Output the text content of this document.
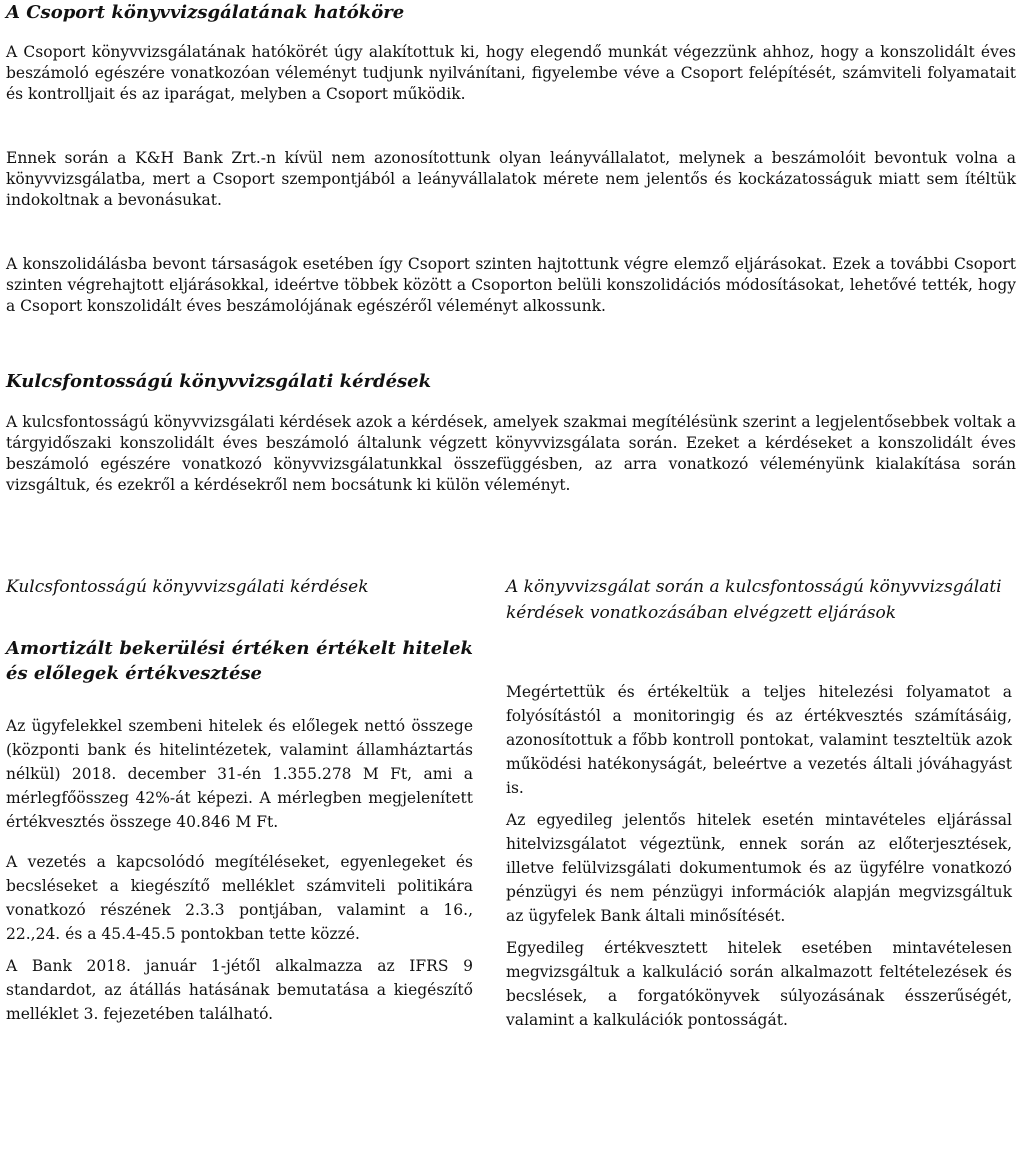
A Csoport könyvvizsgálatának hatóköre

A Csoport könyvvizsgálatának hatókörét úgy alakítottuk ki, hogy elegendő munkát végezzünk ahhoz, hogy a konszolidált éves beszámoló egészére vonatkozóan véleményt tudjunk nyilvánítani, figyelembe véve a Csoport felépítését, számviteli folyamatait és kontrolljait és az iparágat, melyben a Csoport működik.

Ennek során a K&H Bank Zrt.-n kívül nem azonosítottunk olyan leányvállalatot, melynek a beszámolóit bevontuk volna a könyvvizsgálatba, mert a Csoport szempontjából a leányvállalatok mérete nem jelentős és kockázatosságuk miatt sem ítéltük indokoltnak a bevonásukat.

A konszolidálásba bevont társaságok esetében így Csoport szinten hajtottunk végre elemző eljárásokat. Ezek a további Csoport szinten végrehajtott eljárásokkal, ideértve többek között a Csoporton belüli konszolidációs módosításokat, lehetővé tették, hogy a Csoport konszolidált éves beszámolójának egészéről véleményt alkossunk.

Kulcsfontosságú könyvvizsgálati kérdések

A kulcsfontosságú könyvvizsgálati kérdések azok a kérdések, amelyek szakmai megítélésünk szerint a legjelentősebbek voltak a tárgyidőszaki konszolidált éves beszámoló általunk végzett könyvvizsgálata során. Ezeket a kérdéseket a konszolidált éves beszámoló egészére vonatkozó könyvvizsgálatunkkal összefüggésben, az arra vonatkozó véleményünk kialakítása során vizsgáltuk, és ezekről a kérdésekről nem bocsátunk ki külön véleményt.

Kulcsfontosságú könyvvizsgálati kérdések

Amortizált bekerülési értéken értékelt hitelek és előlegek értékvesztése

Az ügyfelekkel szembeni hitelek és előlegek nettó összege (központi bank és hitelintézetek, valamint államháztartás nélkül) 2018. december 31-én 1.355.278 M Ft, ami a mérlegfőösszeg 42%-át képezi. A mérlegben megjelenített értékvesztés összege 40.846 M Ft.

A vezetés a kapcsolódó megítéléseket, egyenlegeket és becsléseket a kiegészítő melléklet számviteli politikára vonatkozó részének 2.3.3 pontjában, valamint a 16., 22.,24. és a 45.4-45.5 pontokban tette közzé.

A Bank 2018. január 1-jétől alkalmazza az IFRS 9 standardot, az átállás hatásának bemutatása a kiegészítő melléklet 3. fejezetében található.

A könyvvizsgálat során a kulcsfontosságú könyvvizsgálati kérdések vonatkozásában elvégzett eljárások

Megértettük és értékeltük a teljes hitelezési folyamatot a folyósítástól a monitoringig és az értékvesztés számításáig, azonosítottuk a főbb kontroll pontokat, valamint teszteltük azok működési hatékonyságát, beleértve a vezetés általi jóváhagyást is.

Az egyedileg jelentős hitelek esetén mintavételes eljárással hitelvizsgálatot végeztünk, ennek során az előterjesztések, illetve felülvizsgálati dokumentumok és az ügyfélre vonatkozó pénzügyi és nem pénzügyi információk alapján megvizsgáltuk az ügyfelek Bank általi minősítését.

Egyedileg értékvesztett hitelek esetében mintavételesen megvizsgáltuk a kalkuláció során alkalmazott feltételezések és becslések, a forgatókönyvek súlyozásának ésszerűségét, valamint a kalkulációk pontosságát.
